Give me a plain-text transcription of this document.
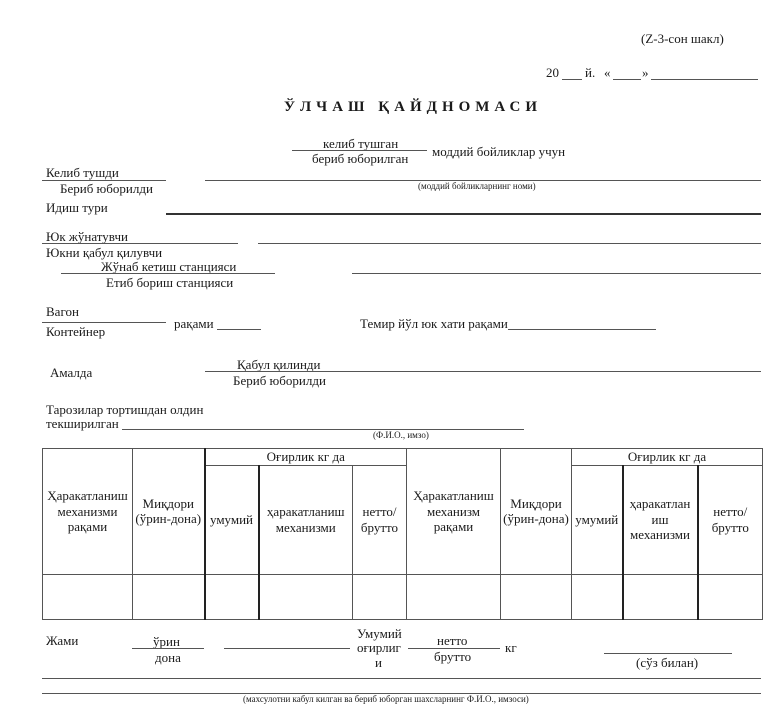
(Z-3-сон шакл)
20 й. « »
ЎЛЧАШ ҚАЙДНОМАСИ
келиб тушган
бериб юборилган моддий бойликлар учун
Келиб тушди
Бериб юборилди	(моддий бойликларнинг номи)
Идиш тури
Юк жўнатувчи
Юкни қабул қилувчи
Жўнаб кетиш станцияси
Етиб бориш станцияси
Вагон
Контейнер
рақами	Темир йўл юк хати рақами
Амалда
Қабул қилинди
Бериб юборилди
Тарозилар тортишдан олдин
текширилган
(Ф.И.О., имзо)
Ҳаракатланиш механизми рақами	Миқдори (ўрин-дона)	Оғирлик кг да			Ҳаракатланиш механизм рақами	Миқдори (ўрин-дона)	Оғирлик кг да		
		умумий	ҳаракатланиш механизми	нетто/ брутто			умумий	ҳаракатлан иш механизми	нетто/ брутто

Жами	ўрин
дона
Умумий
оғирлиг
и
нетто
брутто
кг
(сўз билан)
(махсулотни кабул килган ва бериб юборган шахсларнинг Ф.И.О., имзоси)
